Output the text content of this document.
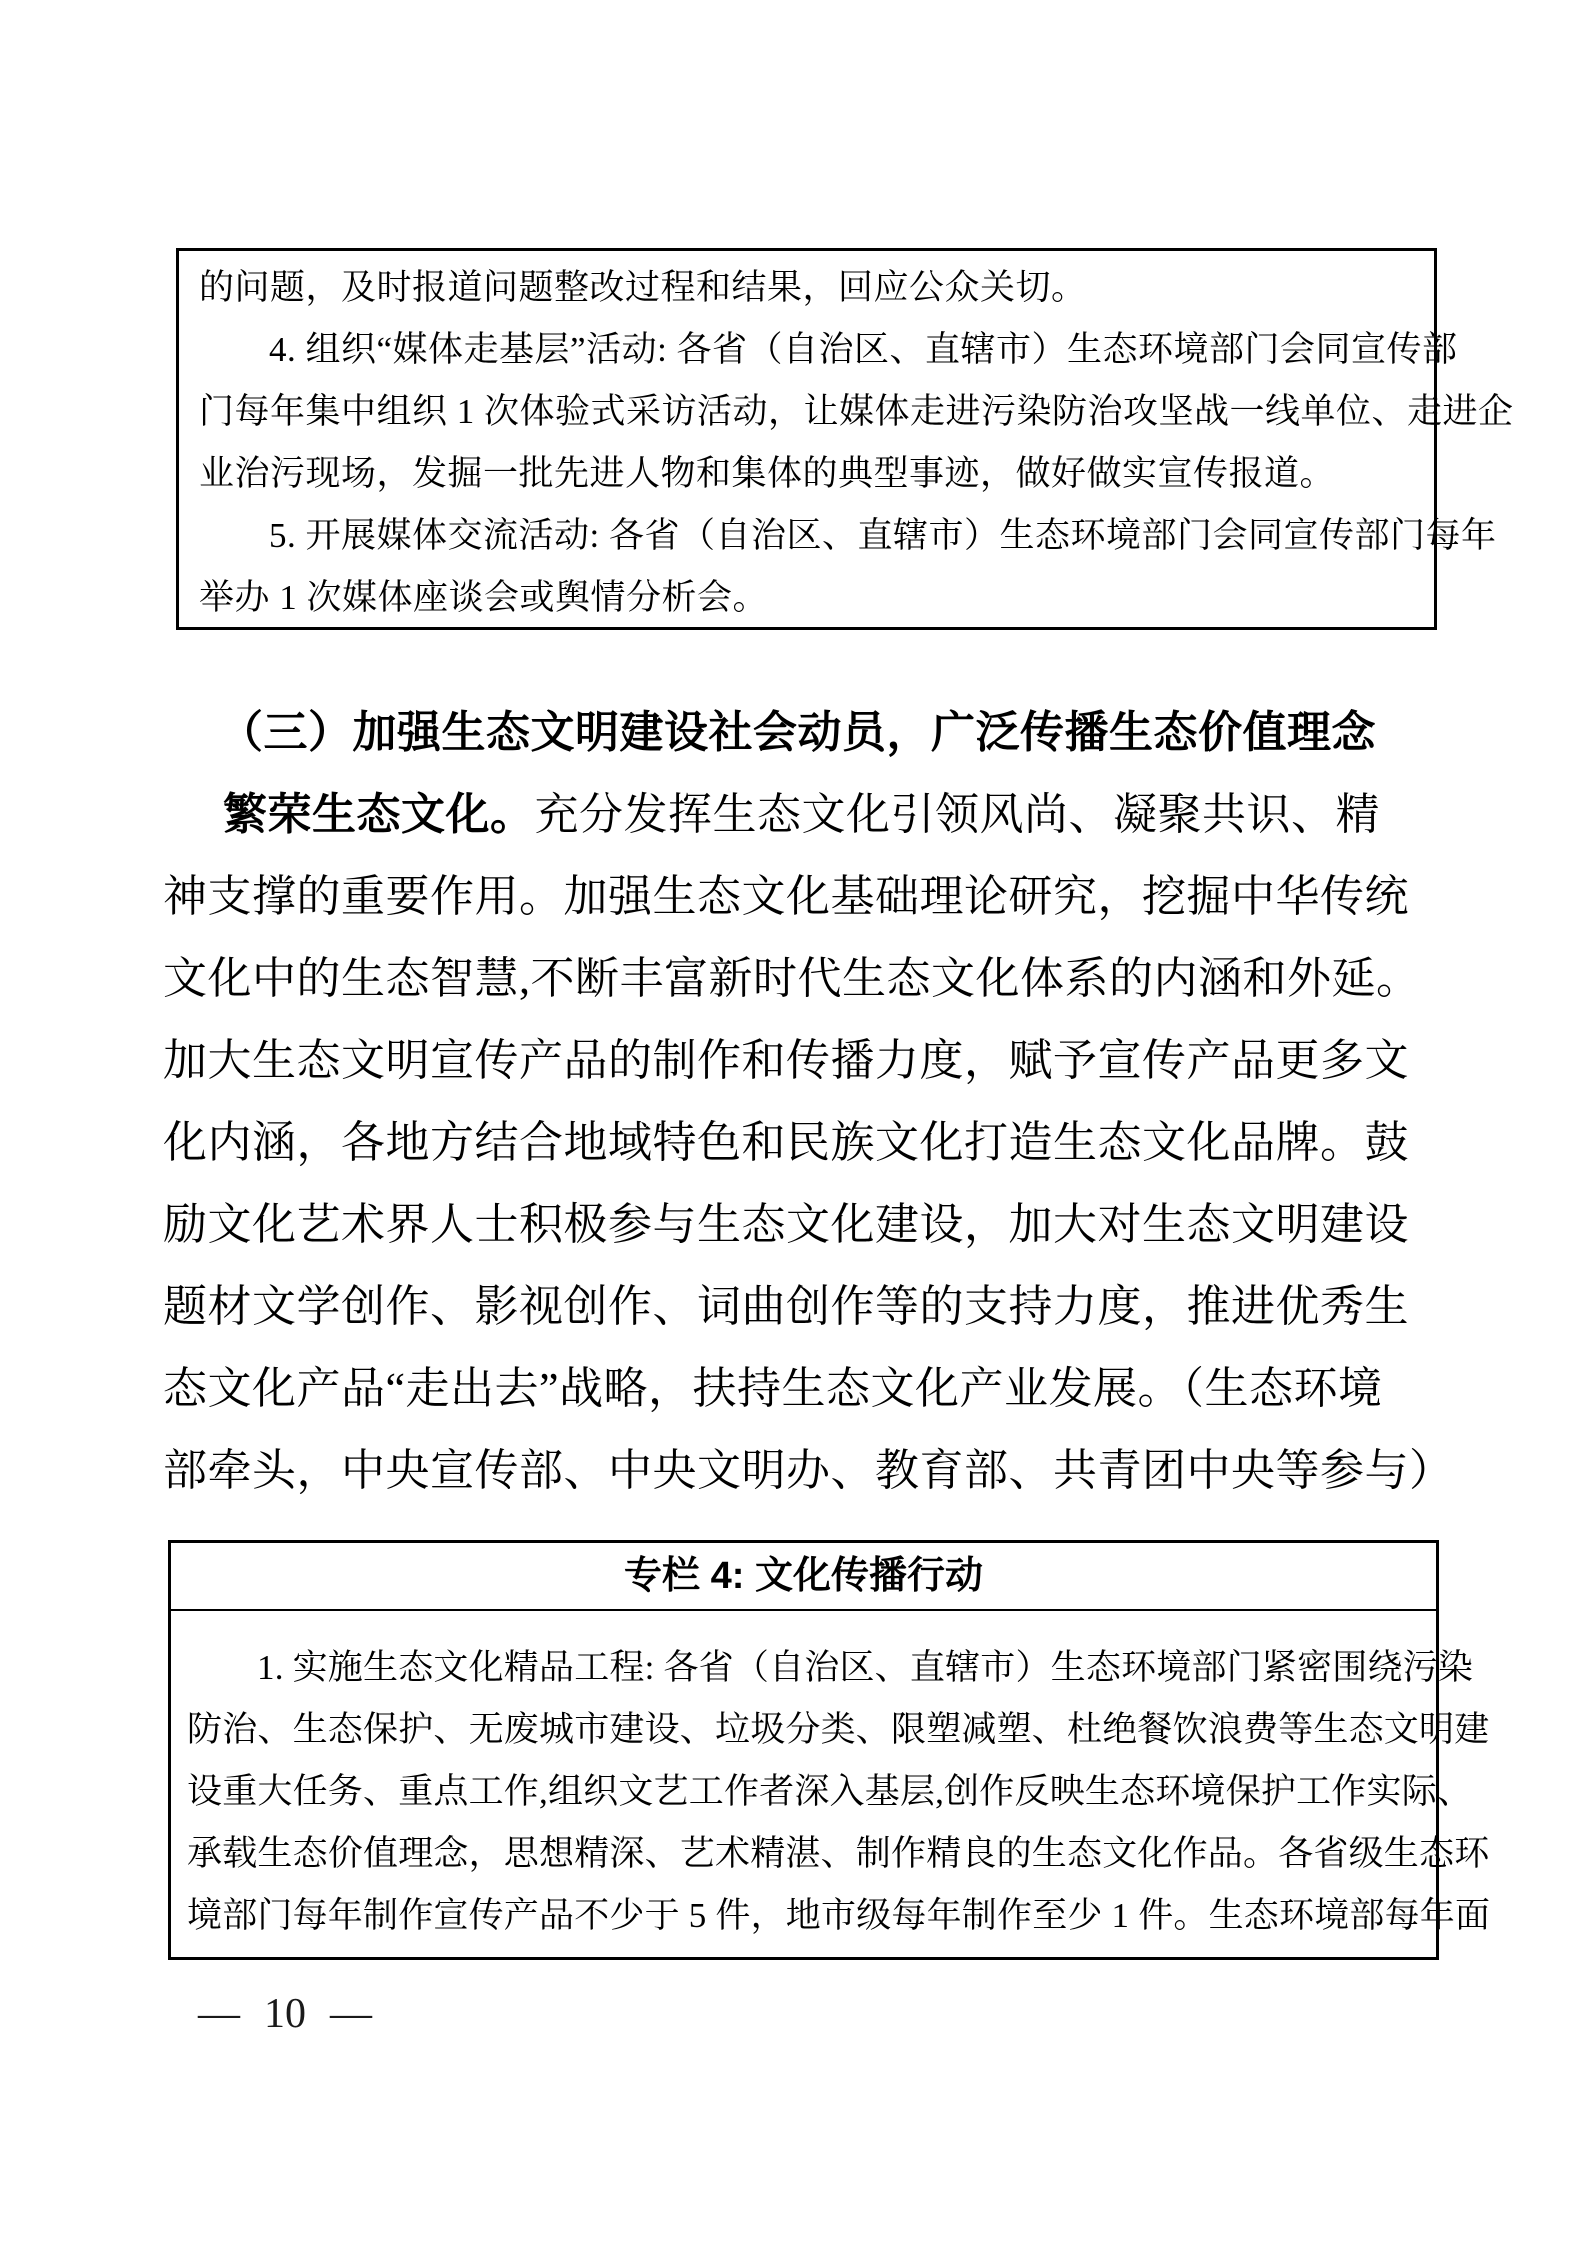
的问题，及时报道问题整改过程和结果，回应公众关切。
4. 组织“媒体走基层”活动: 各省（自治区、直辖市）生态环境部门会同宣传部
门每年集中组织 1 次体验式采访活动，让媒体走进污染防治攻坚战一线单位、走进企
业治污现场，发掘一批先进人物和集体的典型事迹，做好做实宣传报道。
5. 开展媒体交流活动: 各省（自治区、直辖市）生态环境部门会同宣传部门每年
举办 1 次媒体座谈会或舆情分析会。
（三）加强生态文明建设社会动员，广泛传播生态价值理念
繁荣生态文化。充分发挥生态文化引领风尚、凝聚共识、精
神支撑的重要作用。加强生态文化基础理论研究，挖掘中华传统
文化中的生态智慧,不断丰富新时代生态文化体系的内涵和外延。
加大生态文明宣传产品的制作和传播力度，赋予宣传产品更多文
化内涵，各地方结合地域特色和民族文化打造生态文化品牌。鼓
励文化艺术界人士积极参与生态文化建设，加大对生态文明建设
题材文学创作、影视创作、词曲创作等的支持力度，推进优秀生
态文化产品“走出去”战略，扶持生态文化产业发展。（生态环境
部牵头，中央宣传部、中央文明办、教育部、共青团中央等参与）
专栏 4: 文化传播行动
1. 实施生态文化精品工程: 各省（自治区、直辖市）生态环境部门紧密围绕污染
防治、生态保护、无废城市建设、垃圾分类、限塑减塑、杜绝餐饮浪费等生态文明建
设重大任务、重点工作,组织文艺工作者深入基层,创作反映生态环境保护工作实际、
承载生态价值理念，思想精深、艺术精湛、制作精良的生态文化作品。各省级生态环
境部门每年制作宣传产品不少于 5 件，地市级每年制作至少 1 件。生态环境部每年面
— 10 —
